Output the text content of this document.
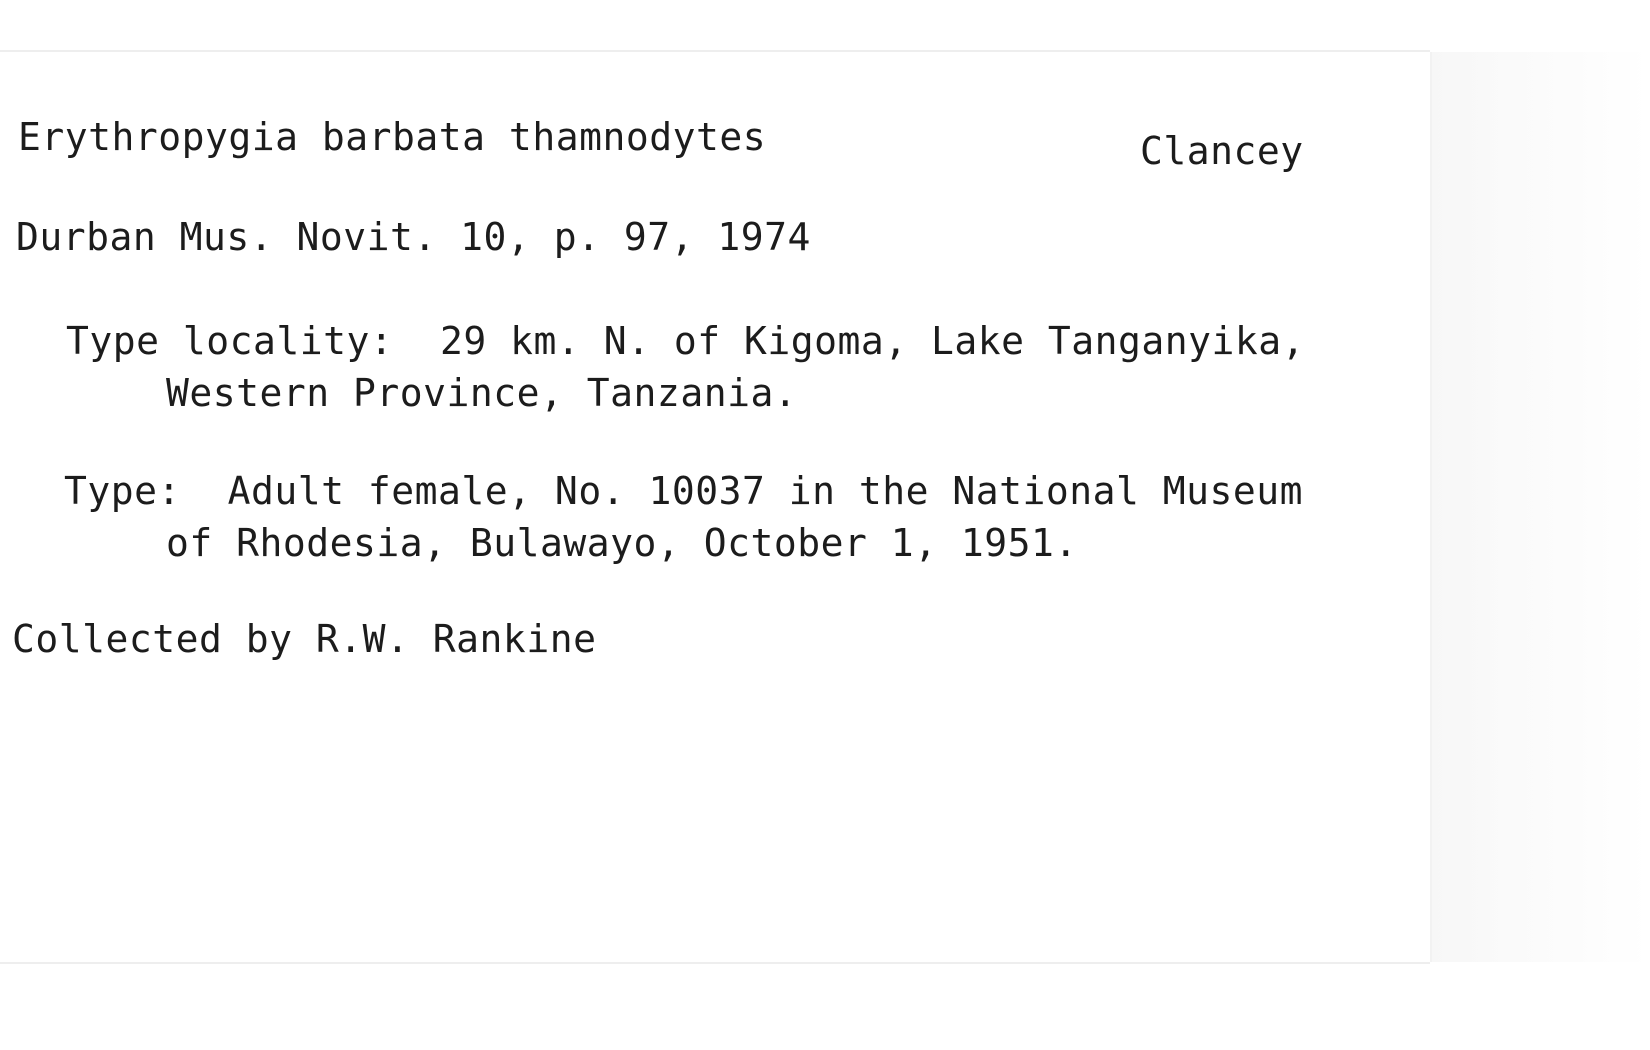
Erythropygia barbata thamnodytes	Clancey

Durban Mus. Novit. 10, p. 97, 1974

Type locality:  29 km. N. of Kigoma, Lake Tanganyika,

Western Province, Tanzania.

Type:  Adult female, No. 10037 in the National Museum

of Rhodesia, Bulawayo, October 1, 1951.

Collected by R.W. Rankine
